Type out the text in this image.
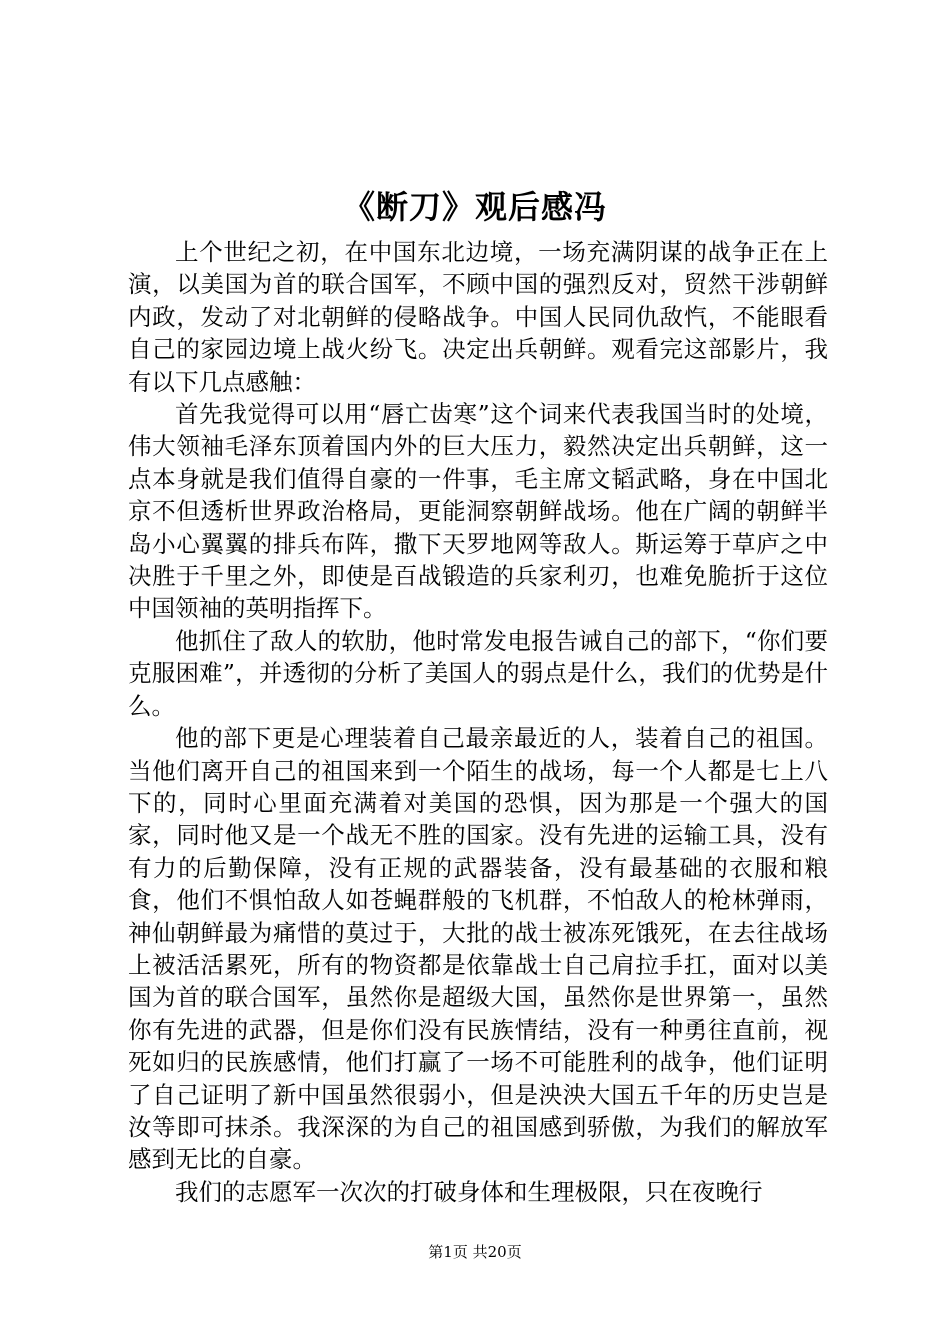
《断刀》观后感冯

上个世纪之初，在中国东北边境，一场充满阴谋的战争正在上演，以美国为首的联合国军，不顾中国的强烈反对，贸然干涉朝鲜内政，发动了对北朝鲜的侵略战争。中国人民同仇敌忾，不能眼看自己的家园边境上战火纷飞。决定出兵朝鲜。观看完这部影片，我有以下几点感触：

首先我觉得可以用“唇亡齿寒”这个词来代表我国当时的处境，伟大领袖毛泽东顶着国内外的巨大压力，毅然决定出兵朝鲜，这一点本身就是我们值得自豪的一件事，毛主席文韬武略，身在中国北京不但透析世界政治格局，更能洞察朝鲜战场。他在广阔的朝鲜半岛小心翼翼的排兵布阵，撒下天罗地网等敌人。斯运筹于草庐之中决胜于千里之外，即使是百战锻造的兵家利刃，也难免脆折于这位中国领袖的英明指挥下。

他抓住了敌人的软肋，他时常发电报告诫自己的部下，“你们要克服困难”，并透彻的分析了美国人的弱点是什么，我们的优势是什么。

他的部下更是心理装着自己最亲最近的人，装着自己的祖国。当他们离开自己的祖国来到一个陌生的战场，每一个人都是七上八下的，同时心里面充满着对美国的恐惧，因为那是一个强大的国家，同时他又是一个战无不胜的国家。没有先进的运输工具，没有有力的后勤保障，没有正规的武器装备，没有最基础的衣服和粮食，他们不惧怕敌人如苍蝇群般的飞机群，不怕敌人的枪林弹雨，神仙朝鲜最为痛惜的莫过于，大批的战士被冻死饿死，在去往战场上被活活累死，所有的物资都是依靠战士自己肩拉手扛，面对以美国为首的联合国军，虽然你是超级大国，虽然你是世界第一，虽然你有先进的武器，但是你们没有民族情结，没有一种勇往直前，视死如归的民族感情，他们打赢了一场不可能胜利的战争，他们证明了自己证明了新中国虽然很弱小，但是泱泱大国五千年的历史岂是汝等即可抹杀。我深深的为自己的祖国感到骄傲，为我们的解放军感到无比的自豪。

我们的志愿军一次次的打破身体和生理极限，只在夜晚行

第1页 共20页
